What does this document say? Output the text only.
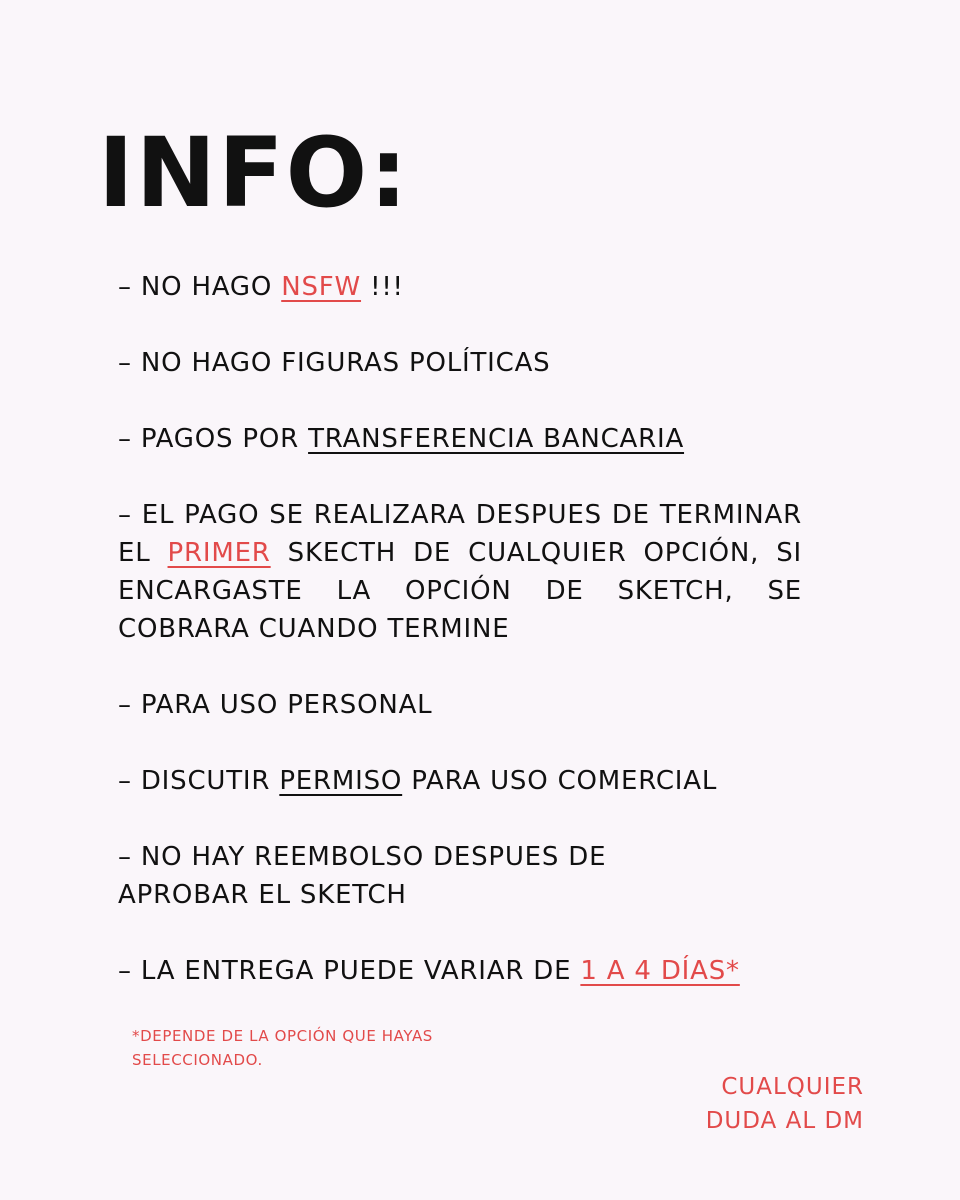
INFO:
– NO HAGO NSFW !!!
– NO HAGO FIGURAS POLÍTICAS
– PAGOS POR TRANSFERENCIA BANCARIA
– EL PAGO SE REALIZARA DESPUES DE TERMINAR EL PRIMER SKECTH DE CUALQUIER OPCIÓN, SI ENCARGASTE LA OPCIÓN DE SKETCH, SE COBRARA CUANDO TERMINE
– PARA USO PERSONAL
– DISCUTIR PERMISO PARA USO COMERCIAL
– NO HAY REEMBOLSO DESPUES DE
APROBAR EL SKETCH
– LA ENTREGA PUEDE VARIAR DE 1 A 4 DÍAS*

*DEPENDE DE LA OPCIÓN QUE HAYAS SELECCIONADO.

CUALQUIER
DUDA AL DM
